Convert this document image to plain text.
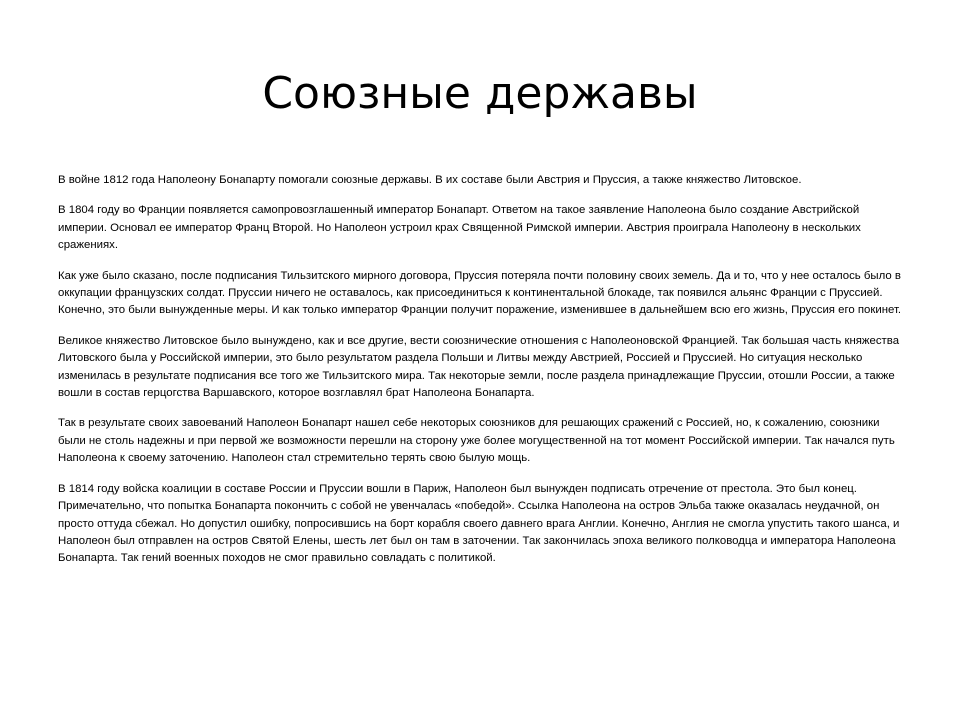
Союзные державы

В войне 1812 года Наполеону Бонапарту помогали союзные державы. В их составе были Австрия и Пруссия, а также княжество Литовское.

В 1804 году во Франции появляется самопровозглашенный император Бонапарт. Ответом на такое заявление Наполеона было создание Австрийской империи. Основал ее император Франц Второй. Но Наполеон устроил крах Священной Римской империи. Австрия проиграла Наполеону в нескольких сражениях.

Как уже было сказано, после подписания Тильзитского мирного договора, Пруссия потеряла почти половину своих земель. Да и то, что у нее осталось было в оккупации французских солдат. Пруссии ничего не оставалось, как присоединиться к континентальной блокаде, так появился альянс Франции с Пруссией. Конечно, это были вынужденные меры. И как только император Франции получит поражение, изменившее в дальнейшем всю его жизнь, Пруссия его покинет.

Великое княжество Литовское было вынуждено, как и все другие, вести союзнические отношения с Наполеоновской Францией. Так большая часть княжества Литовского была у Российской империи, это было результатом раздела Польши и Литвы между Австрией, Россией и Пруссией. Но ситуация несколько изменилась в результате подписания все того же Тильзитского мира. Так некоторые земли, после раздела принадлежащие Пруссии, отошли России, а также вошли в состав герцогства Варшавского, которое возглавлял брат Наполеона Бонапарта.

Так в результате своих завоеваний Наполеон Бонапарт нашел себе некоторых союзников для решающих сражений с Россией, но, к сожалению, союзники были не столь надежны и при первой же возможности перешли на сторону уже более могущественной на тот момент Российской империи. Так начался путь Наполеона к своему заточению. Наполеон стал стремительно терять свою былую мощь.

В 1814 году войска коалиции в составе России и Пруссии вошли в Париж, Наполеон был вынужден подписать отречение от престола. Это был конец. Примечательно, что попытка Бонапарта покончить с собой не увенчалась «победой». Ссылка Наполеона на остров Эльба также оказалась неудачной, он просто оттуда сбежал. Но допустил ошибку, попросившись на борт корабля своего давнего врага Англии. Конечно, Англия не смогла упустить такого шанса, и Наполеон был отправлен на остров Святой Елены, шесть лет был он там в заточении. Так закончилась эпоха великого полководца и императора Наполеона Бонапарта. Так гений военных походов не смог правильно совладать с политикой.
